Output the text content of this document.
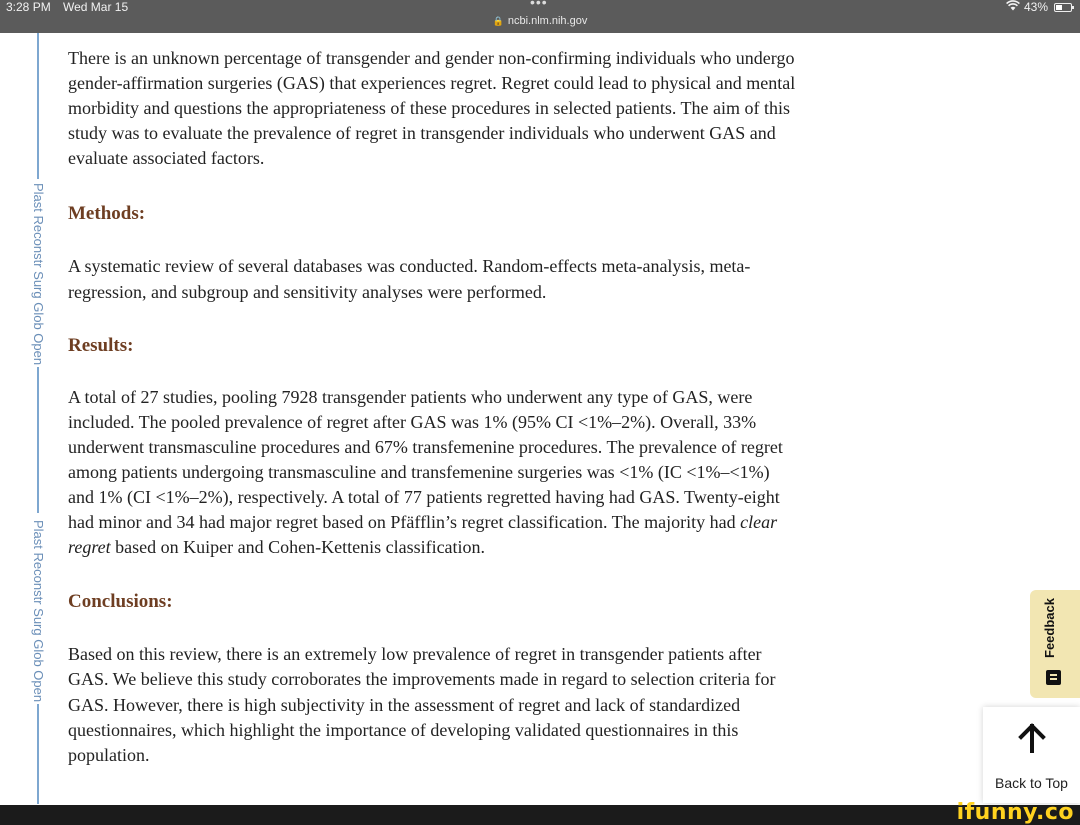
3:28 PM Wed Mar 15	•••
🔒 ncbi.nlm.nih.gov
43%
Plast Reconstr Surg Glob Open
Plast Reconstr Surg Glob Open

There is an unknown percentage of transgender and gender non-confirming individuals who undergo gender-affirmation surgeries (GAS) that experiences regret. Regret could lead to physical and mental morbidity and questions the appropriateness of these procedures in selected patients. The aim of this study was to evaluate the prevalence of regret in transgender individuals who underwent GAS and evaluate associated factors.

Methods:

A systematic review of several databases was conducted. Random-effects meta-analysis, meta-regression, and subgroup and sensitivity analyses were performed.

Results:

A total of 27 studies, pooling 7928 transgender patients who underwent any type of GAS, were included. The pooled prevalence of regret after GAS was 1% (95% CI <1%–2%). Overall, 33% underwent transmasculine procedures and 67% transfemenine procedures. The prevalence of regret among patients undergoing transmasculine and transfemenine surgeries was <1% (IC <1%–<1%) and 1% (CI <1%–2%), respectively. A total of 77 patients regretted having had GAS. Twenty-eight had minor and 34 had major regret based on Pfäfflin’s regret classification. The majority had clear regret based on Kuiper and Cohen-Kettenis classification.

Conclusions:

Based on this review, there is an extremely low prevalence of regret in transgender patients after GAS. We believe this study corroborates the improvements made in regard to selection criteria for GAS. However, there is high subjectivity in the assessment of regret and lack of standardized questionnaires, which highlight the importance of developing validated questionnaires in this population.

Feedback
Back to Top
ifunny.co
